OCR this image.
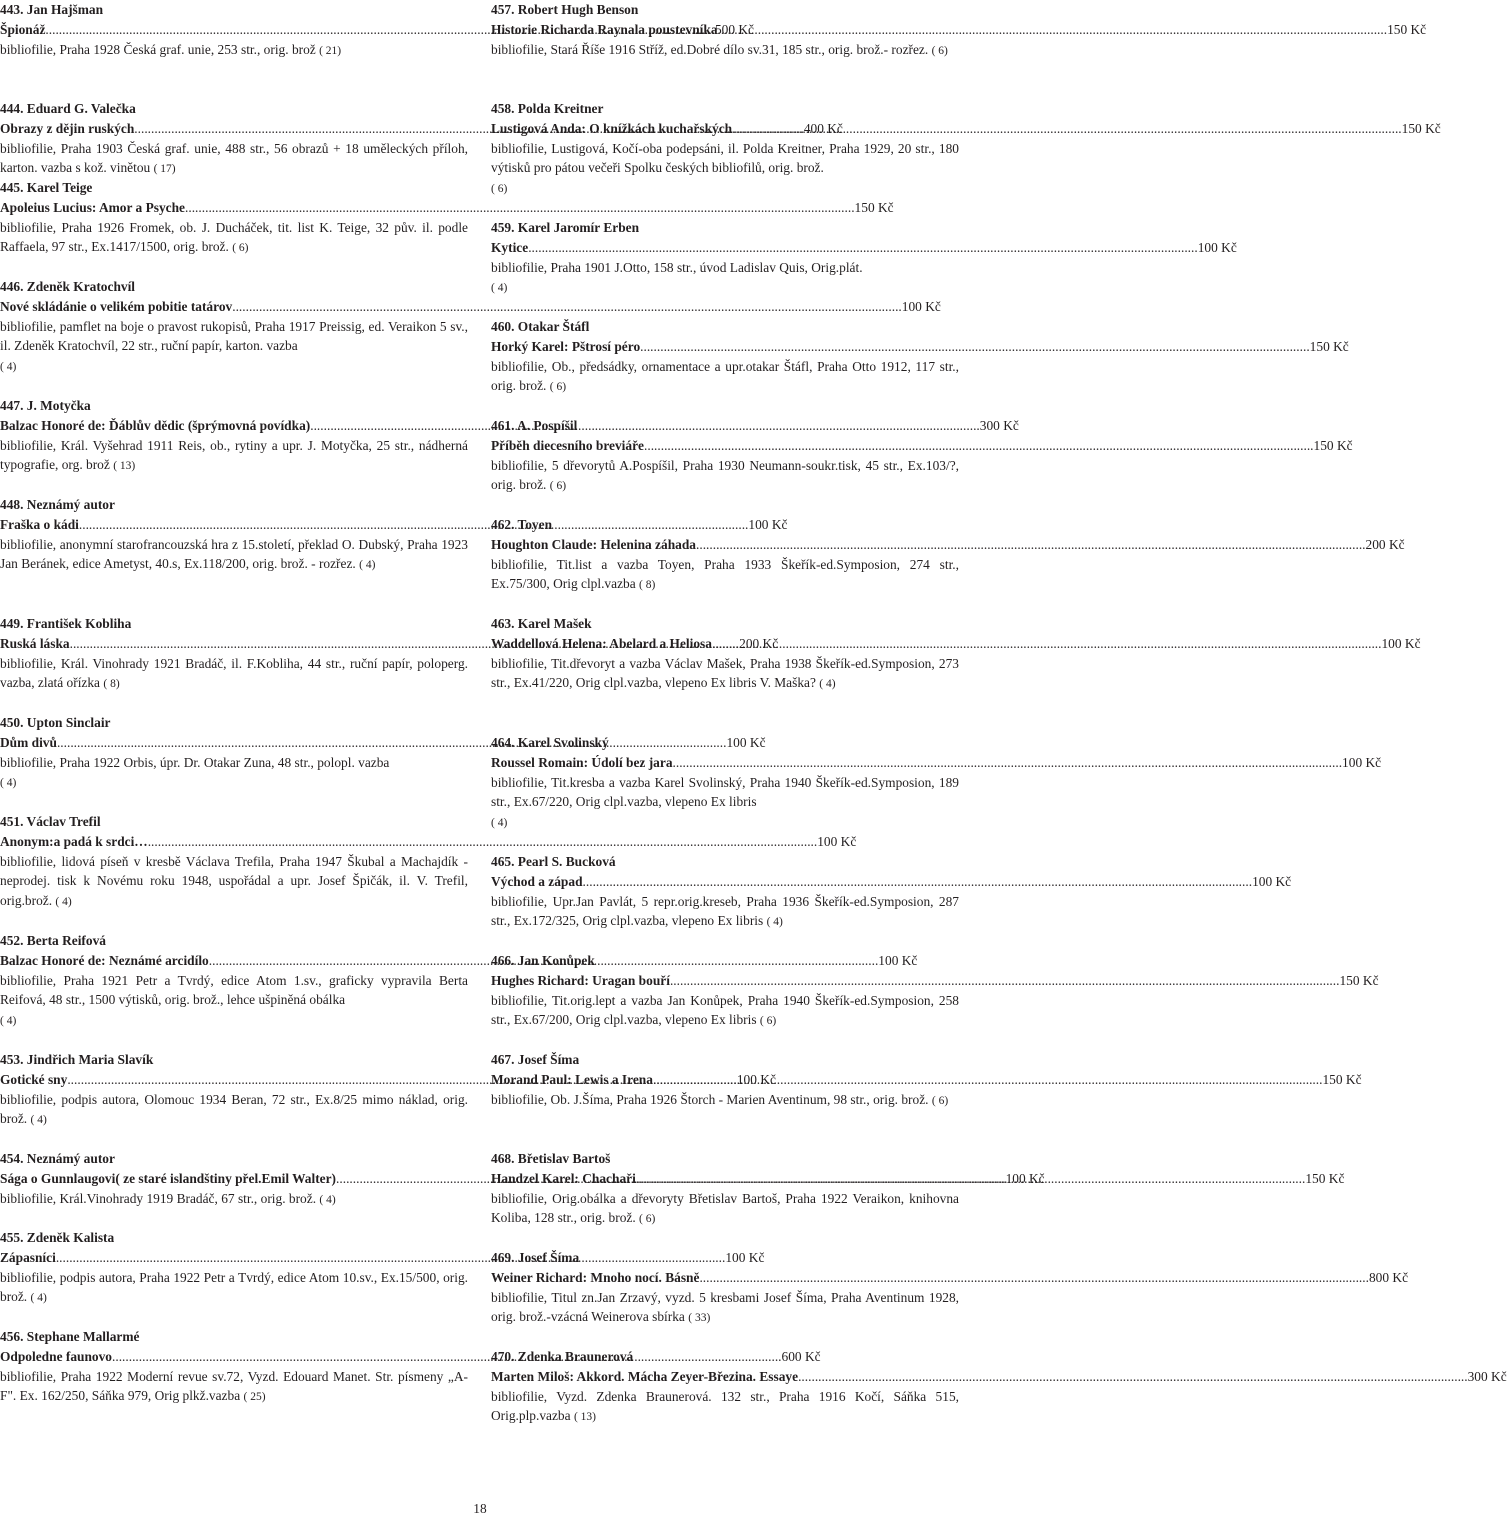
443. Jan Hajšman
Špionáž .....	500 Kč
bibliofilie, Praha 1928 Česká graf. unie, 253 str., orig. brož ( 21)
444. Eduard G. Valečka
Obrazy z dějin ruských .....	400 Kč
bibliofilie, Praha 1903 Česká graf. unie, 488 str., 56 obrazů + 18 uměleckých příloh, karton. vazba s kož. vinětou ( 17)
445. Karel Teige
Apoleius Lucius: Amor a Psyche .....	150 Kč
bibliofilie, Praha 1926 Fromek, ob. J. Ducháček, tit. list K. Teige, 32 pův. il. podle Raffaela, 97 str., Ex.1417/1500, orig. brož. ( 6)
446. Zdeněk Kratochvíl
Nové skládánie o velikém pobitie tatárov .....	100 Kč
bibliofilie, pamflet na boje o pravost rukopisů, Praha 1917 Preissig, ed. Veraikon 5 sv., il. Zdeněk Kratochvíl, 22 str., ruční papír, karton. vazba
( 4)
447. J. Motyčka
Balzac Honoré de: Ďáblův dědic (šprýmovná povídka) .....	300 Kč
bibliofilie, Král. Vyšehrad 1911 Reis, ob., rytiny a upr. J. Motyčka, 25 str., nádherná typografie, org. brož ( 13)
448. Neznámý autor
Fraška o kádi .....	100 Kč
bibliofilie, anonymní starofrancouzská hra z 15.století, překlad O. Dubský, Praha 1923 Jan Beránek, edice Ametyst, 40.s, Ex.118/200, orig. brož. - rozřez. ( 4)
449. František Kobliha
Ruská láska .....	200 Kč
bibliofilie, Král. Vinohrady 1921 Bradáč, il. F.Kobliha, 44 str., ruční papír, poloperg. vazba, zlatá ořízka ( 8)
450. Upton Sinclair
Dům divů .....	100 Kč
bibliofilie, Praha 1922 Orbis, úpr. Dr. Otakar Zuna, 48 str., polopl. vazba
( 4)
451. Václav Trefil
Anonym:a padá k srdci… .....	100 Kč
bibliofilie, lidová píseň v kresbě Václava Trefila, Praha 1947 Škubal a Machajdík - neprodej. tisk k Novému roku 1948, uspořádal a upr. Josef Špičák, il. V. Trefil, orig.brož. ( 4)
452. Berta Reifová
Balzac Honoré de: Neznámé arcidílo .....	100 Kč
bibliofilie, Praha 1921 Petr a Tvrdý, edice Atom 1.sv., graficky vypravila Berta Reifová, 48 str., 1500 výtisků, orig. brož., lehce ušpiněná obálka
( 4)
453. Jindřich Maria Slavík
Gotické sny .....	100 Kč
bibliofilie, podpis autora, Olomouc 1934 Beran, 72 str., Ex.8/25 mimo náklad, orig. brož. ( 4)
454. Neznámý autor
Sága o Gunnlaugovi( ze staré islandštiny přel.Emil Walter) .....	100 Kč
bibliofilie, Král.Vinohrady 1919 Bradáč, 67 str., orig. brož. ( 4)
455. Zdeněk Kalista
Zápasníci .....	100 Kč
bibliofilie, podpis autora, Praha 1922 Petr a Tvrdý, edice Atom 10.sv., Ex.15/500, orig. brož. ( 4)
456. Stephane Mallarmé
Odpoledne faunovo .....	600 Kč
bibliofilie, Praha 1922 Moderní revue sv.72, Vyzd. Edouard Manet. Str. písmeny „A-F". Ex. 162/250, Sáňka 979, Orig plkž.vazba ( 25)
457. Robert Hugh Benson
Historie Richarda Raynala poustevníka .....	150 Kč
bibliofilie, Stará Říše 1916 Stříž, ed.Dobré dílo sv.31, 185 str., orig. brož.- rozřez. ( 6)
458. Polda Kreitner
Lustigová Anda: O knížkách kuchařských .....	150 Kč
bibliofilie, Lustigová, Kočí-oba podepsáni, il. Polda Kreitner, Praha 1929, 20 str., 180 výtisků pro pátou večeři Spolku českých bibliofilů, orig. brož.
( 6)
459. Karel Jaromír Erben
Kytice .....	100 Kč
bibliofilie, Praha 1901 J.Otto, 158 str., úvod Ladislav Quis, Orig.plát.
( 4)
460. Otakar Štáfl
Horký Karel: Pštrosí péro .....	150 Kč
bibliofilie, Ob., předsádky, ornamentace a upr.otakar Štáfl, Praha Otto 1912, 117 str., orig. brož. ( 6)
461. A. Pospíšil
Příběh diecesního breviáře .....	150 Kč
bibliofilie, 5 dřevorytů A.Pospíšil, Praha 1930 Neumann-soukr.tisk, 45 str., Ex.103/?, orig. brož. ( 6)
462. Toyen
Houghton Claude: Helenina záhada .....	200 Kč
bibliofilie, Tit.list a vazba Toyen, Praha 1933 Škeřík-ed.Symposion, 274 str., Ex.75/300, Orig clpl.vazba ( 8)
463. Karel Mašek
Waddellová Helena: Abelard a Heliosa .....	100 Kč
bibliofilie, Tit.dřevoryt a vazba Václav Mašek, Praha 1938 Škeřík-ed.Symposion, 273 str., Ex.41/220, Orig clpl.vazba, vlepeno Ex libris V. Maška? ( 4)
464. Karel Svolinský
Roussel Romain: Údolí bez jara .....	100 Kč
bibliofilie, Tit.kresba a vazba Karel Svolinský, Praha 1940 Škeřík-ed.Symposion, 189 str., Ex.67/220, Orig clpl.vazba, vlepeno Ex libris
( 4)
465. Pearl S. Bucková
Východ a západ .....	100 Kč
bibliofilie, Upr.Jan Pavlát, 5 repr.orig.kreseb, Praha 1936 Škeřík-ed.Symposion, 287 str., Ex.172/325, Orig clpl.vazba, vlepeno Ex libris ( 4)
466. Jan Konůpek
Hughes Richard: Uragan bouří .....	150 Kč
bibliofilie, Tit.orig.lept a vazba Jan Konůpek, Praha 1940 Škeřík-ed.Symposion, 258 str., Ex.67/200, Orig clpl.vazba, vlepeno Ex libris ( 6)
467. Josef Šíma
Morand Paul: Lewis a Irena .....	150 Kč
bibliofilie, Ob. J.Šíma, Praha 1926 Štorch - Marien Aventinum, 98 str., orig. brož. ( 6)
468. Břetislav Bartoš
Handzel Karel: Chachaři .....	150 Kč
bibliofilie, Orig.obálka a dřevoryty Břetislav Bartoš, Praha 1922 Veraikon, knihovna Koliba, 128 str., orig. brož. ( 6)
469. Josef Šíma
Weiner Richard: Mnoho nocí. Básně .....	800 Kč
bibliofilie, Titul zn.Jan Zrzavý, vyzd. 5 kresbami Josef Šíma, Praha Aventinum 1928, orig. brož.-vzácná Weinerova sbírka ( 33)
470. Zdenka Braunerová
Marten Miloš: Akkord. Mácha Zeyer-Březina. Essaye .....	300 Kč
bibliofilie, Vyzd. Zdenka Braunerová. 132 str., Praha 1916 Kočí, Sáňka 515, Orig.plp.vazba ( 13)
18
